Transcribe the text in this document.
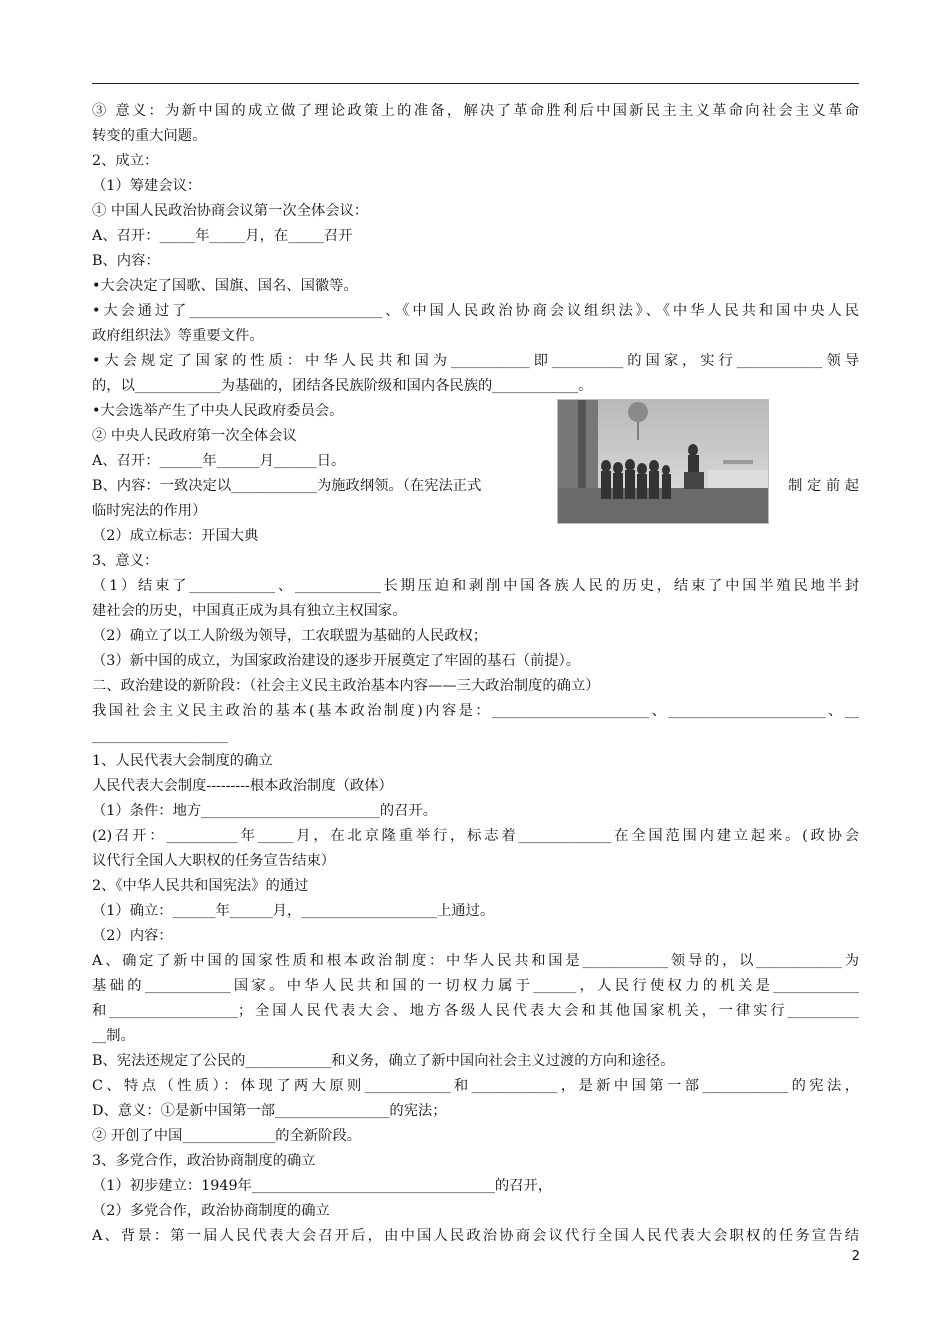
③ 意义：为新中国的成立做了理论政策上的准备，解决了革命胜利后中国新民主主义革命向社会主义革命
转变的重大问题。
2、成立：
（1）筹建会议：
① 中国人民政治协商会议第一次全体会议：
A、召开：_____年_____月，在_____召开
B、内容：
•大会决定了国歌、国旗、国名、国徽等。
•大会通过了___________________________、《中国人民政治协商会议组织法》、《中华人民共和国中央人民
政府组织法》等重要文件。
•大会规定了国家的性质：中华人民共和国为___________即__________的国家，实行____________领导
的，以____________为基础的，团结各民族阶级和国内各民族的____________。
•大会选举产生了中央人民政府委员会。
② 中央人民政府第一次全体会议
A、召开：______年______月______日。
B、内容：一致决定以____________为施政纲领。（在宪法正式
临时宪法的作用）
（2）成立标志：开国大典
3、意义：
（1）结束了____________、____________长期压迫和剥削中国各族人民的历史，结束了中国半殖民地半封
建社会的历史，中国真正成为具有独立主权国家。
（2）确立了以工人阶级为领导，工农联盟为基础的人民政权；
（3）新中国的成立，为国家政治建设的逐步开展奠定了牢固的基石（前提）。
二、政治建设的新阶段：（社会主义民主政治基本内容——三大政治制度的确立）
我国社会主义民主政治的基本(基本政治制度)内容是：______________________、______________________、__
___________________
1、人民代表大会制度的确立
人民代表大会制度---------根本政治制度（政体）
（1）条件：地方_________________________的召开。
(2)召开：__________年_____月，在北京隆重举行，标志着_____________在全国范围内建立起来。(政协会
议代行全国人大职权的任务宣告结束）
2、《中华人民共和国宪法》的通过
（1）确立：______年______月，___________________上通过。
（2）内容：
A、确定了新中国的国家性质和根本政治制度：中华人民共和国是____________领导的，以____________为
基础的____________国家。中华人民共和国的一切权力属于______，人民行使权力的机关是____________
和__________________；全国人民代表大会、地方各级人民代表大会和其他国家机关，一律实行__________
__制。
B、宪法还规定了公民的____________和义务，确立了新中国向社会主义过渡的方向和途径。
C、特点（性质）：体现了两大原则____________和____________，是新中国第一部____________的宪法，
D、意义：①是新中国第一部________________的宪法；
② 开创了中国_____________的全新阶段。
3、多党合作，政治协商制度的确立
（1）初步建立：1949年__________________________________的召开，
（2）多党合作，政治协商制度的确立
A、背景：第一届人民代表大会召开后，由中国人民政治协商会议代行全国人民代表大会职权的任务宣告结
制 定 前 起
2
